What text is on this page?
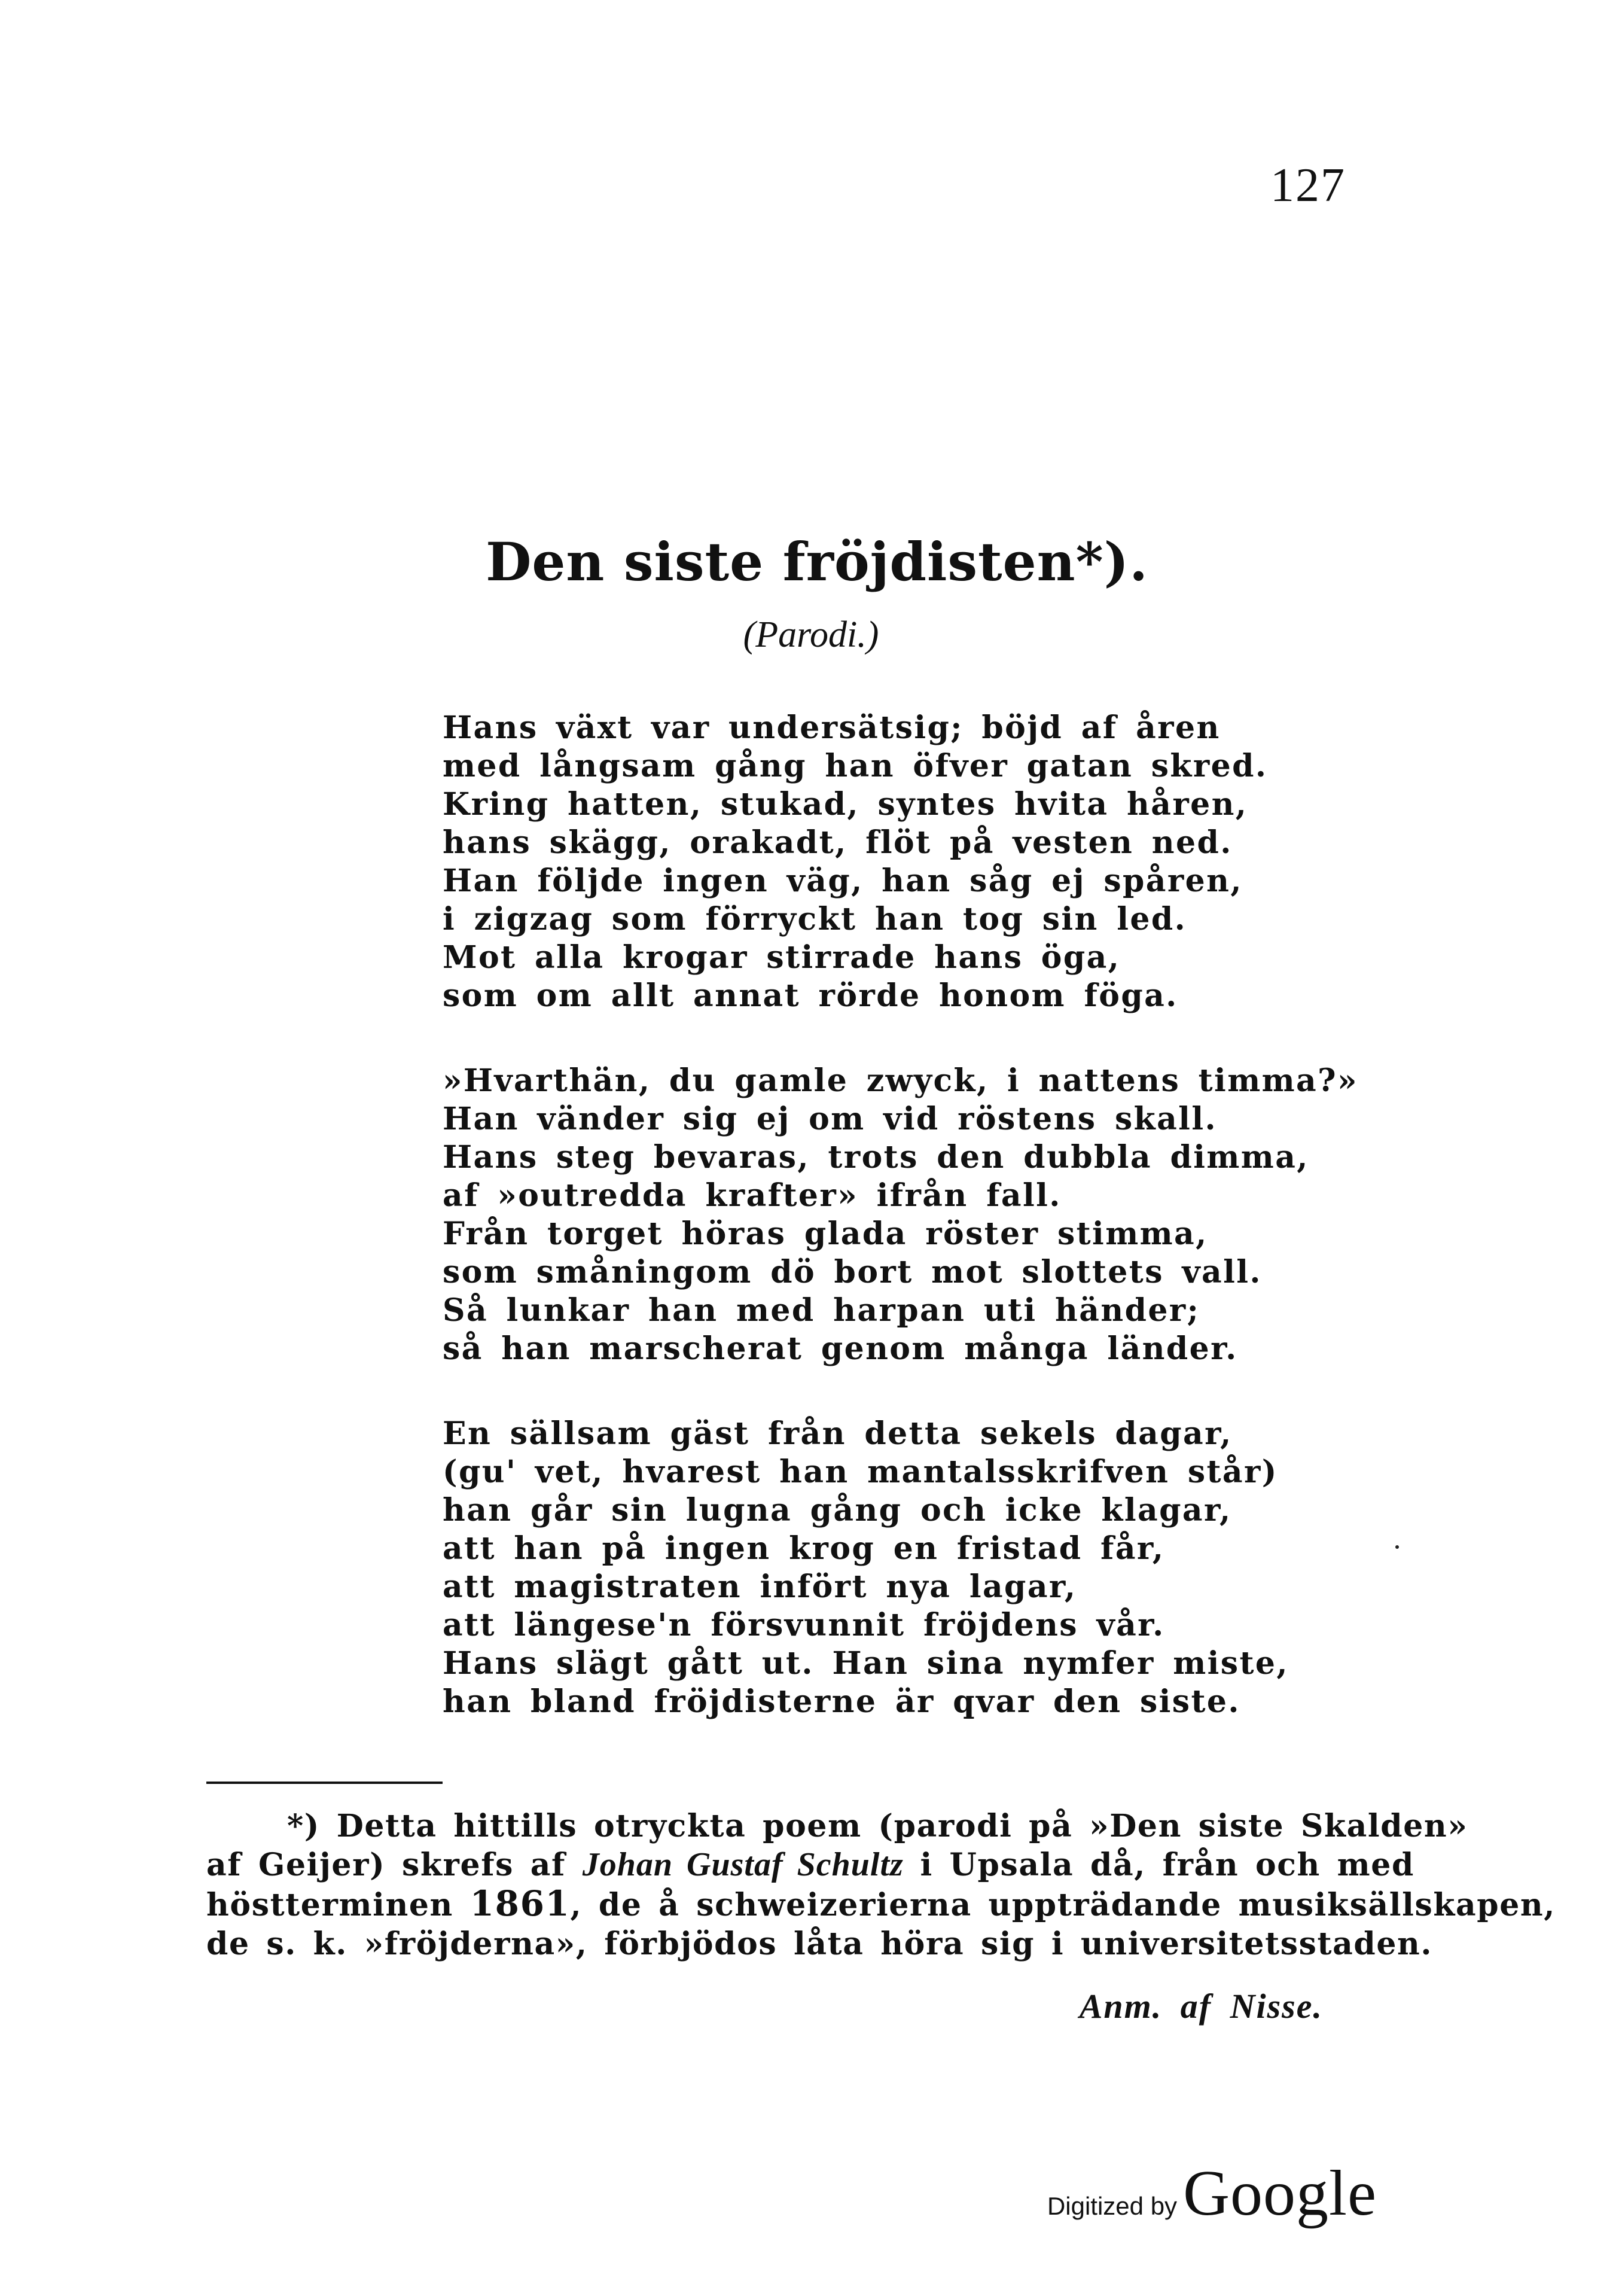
127
Den siste fröjdisten*).
(Parodi.)
Hans växt var undersätsig; böjd af åren
med långsam gång han öfver gatan skred.
Kring hatten, stukad, syntes hvita håren,
hans skägg, orakadt, flöt på vesten ned.
Han följde ingen väg, han såg ej spåren,
i zigzag som förryckt han tog sin led.
Mot alla krogar stirrade hans öga,
som om allt annat rörde honom föga.
»Hvarthän, du gamle zwyck, i nattens timma?»
Han vänder sig ej om vid röstens skall.
Hans steg bevaras, trots den dubbla dimma,
af »outredda krafter» ifrån fall.
Från torget höras glada röster stimma,
som småningom dö bort mot slottets vall.
Så lunkar han med harpan uti händer;
så han marscherat genom många länder.
En sällsam gäst från detta sekels dagar,
(gu' vet, hvarest han mantalsskrifven står)
han går sin lugna gång och icke klagar,
att han på ingen krog en fristad får,
att magistraten infört nya lagar,
att längese'n försvunnit fröjdens vår.
Hans slägt gått ut. Han sina nymfer miste,
han bland fröjdisterne är qvar den siste.
*) Detta hittills otryckta poem (parodi på »Den siste Skalden»
af Geijer) skrefs af Johan Gustaf Schultz i Upsala då, från och med
höstterminen 1861, de å schweizerierna uppträdande musiksällskapen,
de s. k. »fröjderna», förbjödos låta höra sig i universitetsstaden.
Anm. af Nisse.
Digitized by Google
